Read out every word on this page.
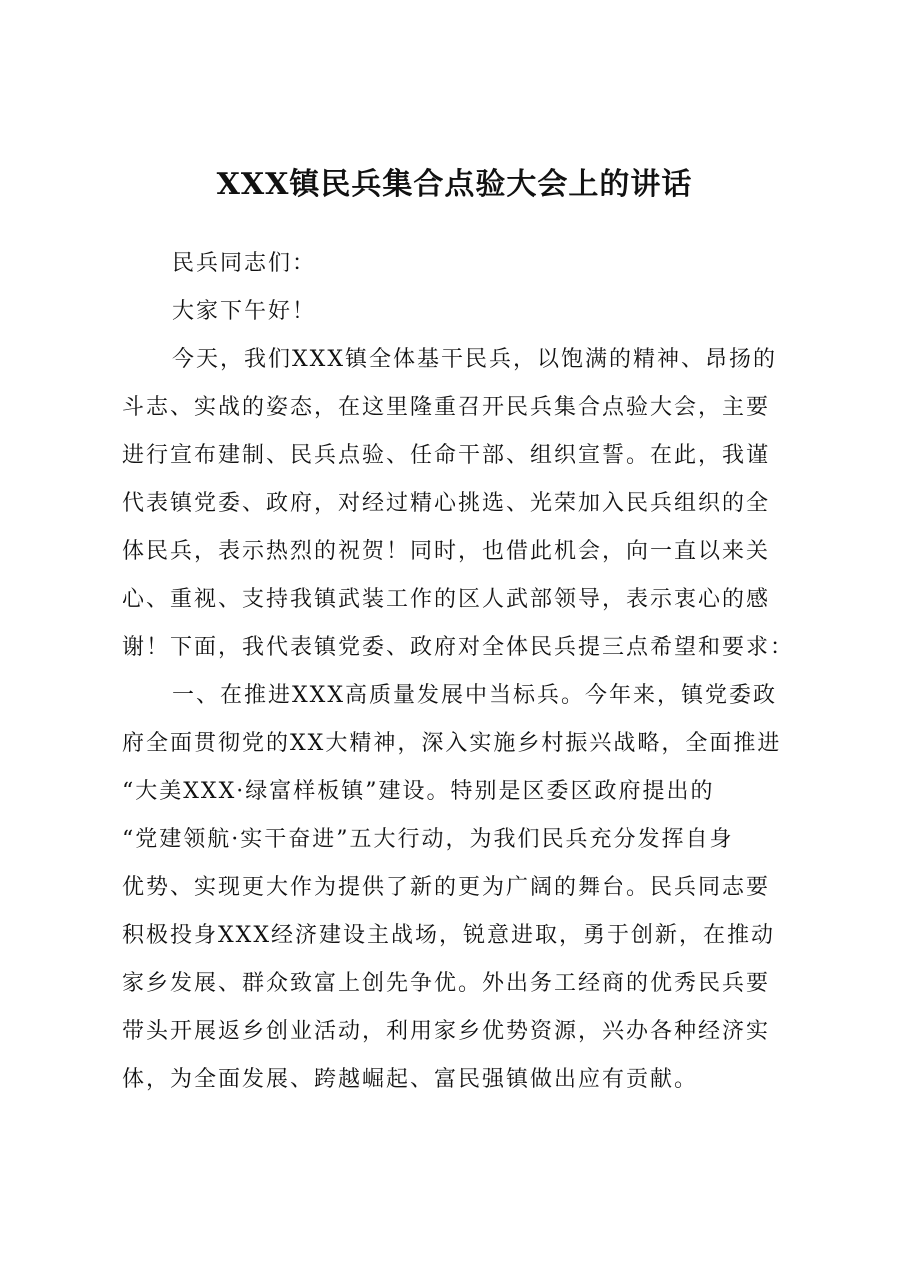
XXX镇民兵集合点验大会上的讲话
民兵同志们：
大家下午好！
今天，我们XXX镇全体基干民兵，以饱满的精神、昂扬的
斗志、实战的姿态，在这里隆重召开民兵集合点验大会，主要
进行宣布建制、民兵点验、任命干部、组织宣誓。在此，我谨
代表镇党委、政府，对经过精心挑选、光荣加入民兵组织的全
体民兵，表示热烈的祝贺！同时，也借此机会，向一直以来关
心、重视、支持我镇武装工作的区人武部领导，表示衷心的感
谢！下面，我代表镇党委、政府对全体民兵提三点希望和要求：
一、在推进XXX高质量发展中当标兵。今年来，镇党委政
府全面贯彻党的XX大精神，深入实施乡村振兴战略，全面推进
“大美XXX·绿富样板镇”建设。特别是区委区政府提出的
“党建领航·实干奋进”五大行动，为我们民兵充分发挥自身
优势、实现更大作为提供了新的更为广阔的舞台。民兵同志要
积极投身XXX经济建设主战场，锐意进取，勇于创新，在推动
家乡发展、群众致富上创先争优。外出务工经商的优秀民兵要
带头开展返乡创业活动，利用家乡优势资源，兴办各种经济实
体，为全面发展、跨越崛起、富民强镇做出应有贡献。
